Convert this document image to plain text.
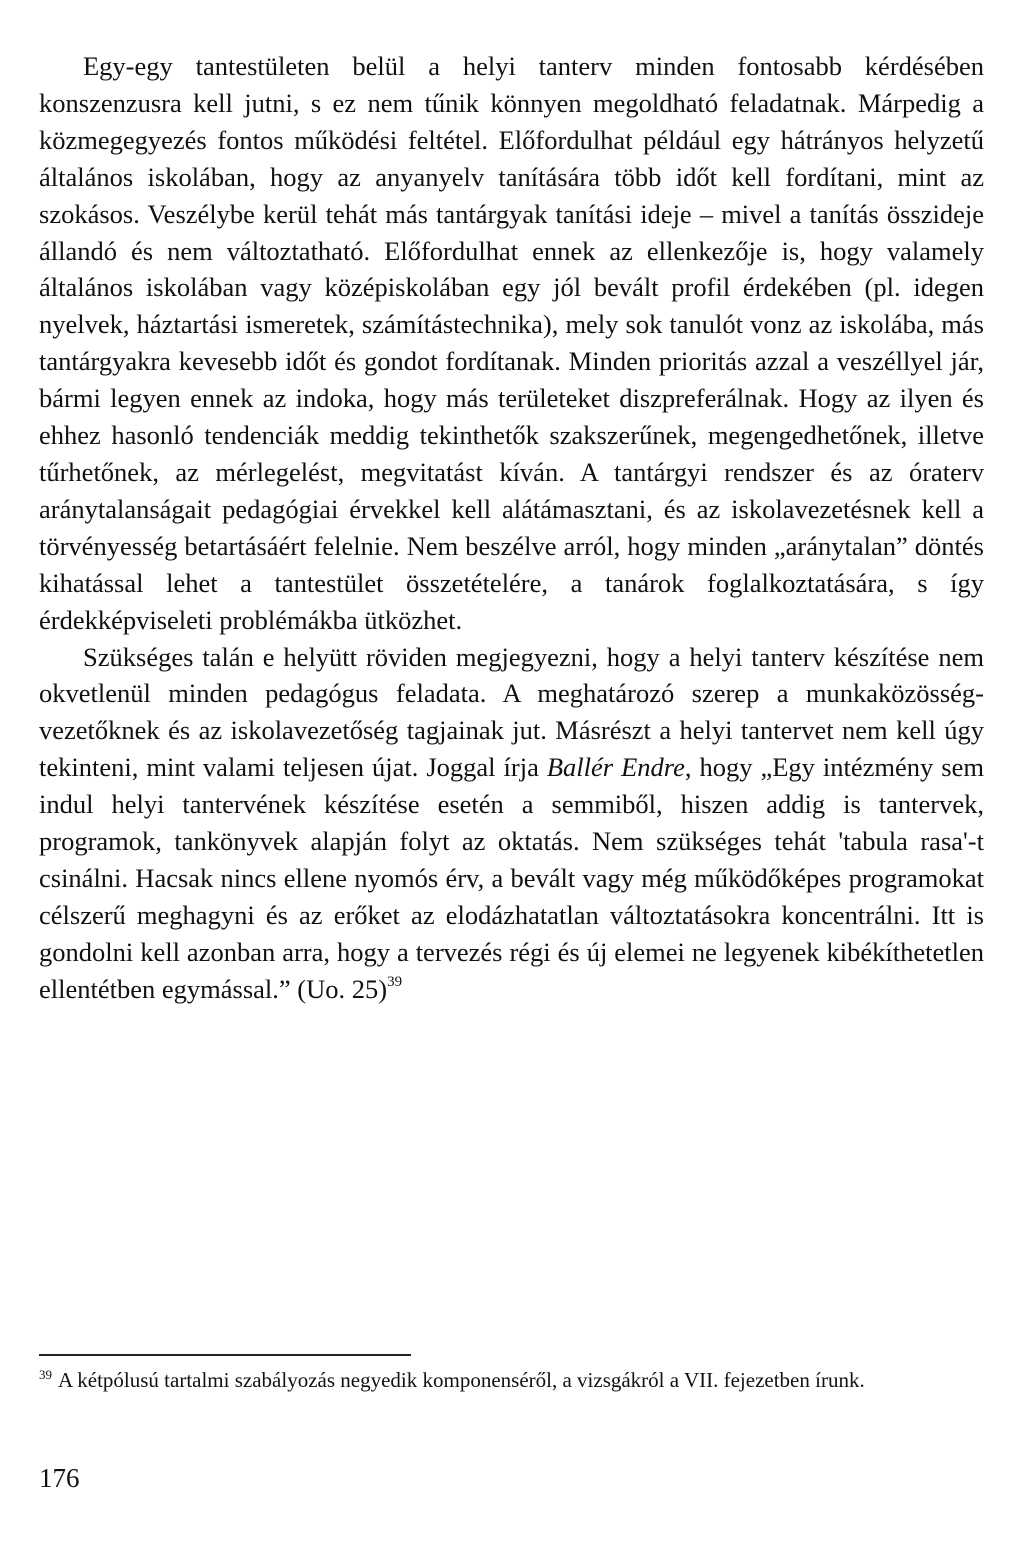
Egy-egy tantestületen belül a helyi tanterv minden fontosabb kérdésében konszenzusra kell jutni, s ez nem tűnik könnyen megoldható feladatnak. Márpedig a közmegegyezés fontos működési feltétel. Előfordulhat például egy hátrányos helyzetű általános iskolában, hogy az anyanyelv tanítására több időt kell fordítani, mint az szokásos. Veszélybe kerül tehát más tantárgyak tanítási ideje – mivel a tanítás összideje állandó és nem változtatható. Előfordulhat ennek az ellenkezője is, hogy valamely általános iskolában vagy középiskolában egy jól bevált profil érdekében (pl. idegen nyelvek, háztartási ismeretek, számítástechnika), mely sok tanulót vonz az iskolába, más tantárgyakra kevesebb időt és gondot fordítanak. Minden prioritás azzal a veszéllyel jár, bármi legyen ennek az indoka, hogy más területeket diszpreferálnak. Hogy az ilyen és ehhez hasonló tendenciák meddig tekinthetők szakszerűnek, megengedhetőnek, illetve tűrhetőnek, az mérlegelést, megvitatást kíván. A tantárgyi rendszer és az óraterv aránytalanságait pedagógiai érvekkel kell alátámasztani, és az iskolavezetésnek kell a törvényesség betartásáért felelnie. Nem beszélve arról, hogy minden „aránytalan” döntés kihatással lehet a tantestület összetételére, a tanárok foglalkoztatására, s így érdekképviseleti problémákba ütközhet.

Szükséges talán e helyütt röviden megjegyezni, hogy a helyi tanterv készítése nem okvetlenül minden pedagógus feladata. A meghatározó szerep a munkaközösség-vezetőknek és az iskolavezetőség tagjainak jut. Másrészt a helyi tantervet nem kell úgy tekinteni, mint valami teljesen újat. Joggal írja Ballér Endre, hogy „Egy intézmény sem indul helyi tantervének készítése esetén a semmiből, hiszen addig is tantervek, programok, tankönyvek alapján folyt az oktatás. Nem szükséges tehát 'tabula rasa'-t csinálni. Hacsak nincs ellene nyomós érv, a bevált vagy még működőképes programokat célszerű meghagyni és az erőket az elodázhatatlan változtatásokra koncentrálni. Itt is gondolni kell azonban arra, hogy a tervezés régi és új elemei ne legyenek kibékíthetetlen ellentétben egymással.” (Uo. 25)$^{39}$

$^{39}$ A kétpólusú tartalmi szabályozás negyedik komponenséről, a vizsgákról a VII. fejezetben írunk.
176
